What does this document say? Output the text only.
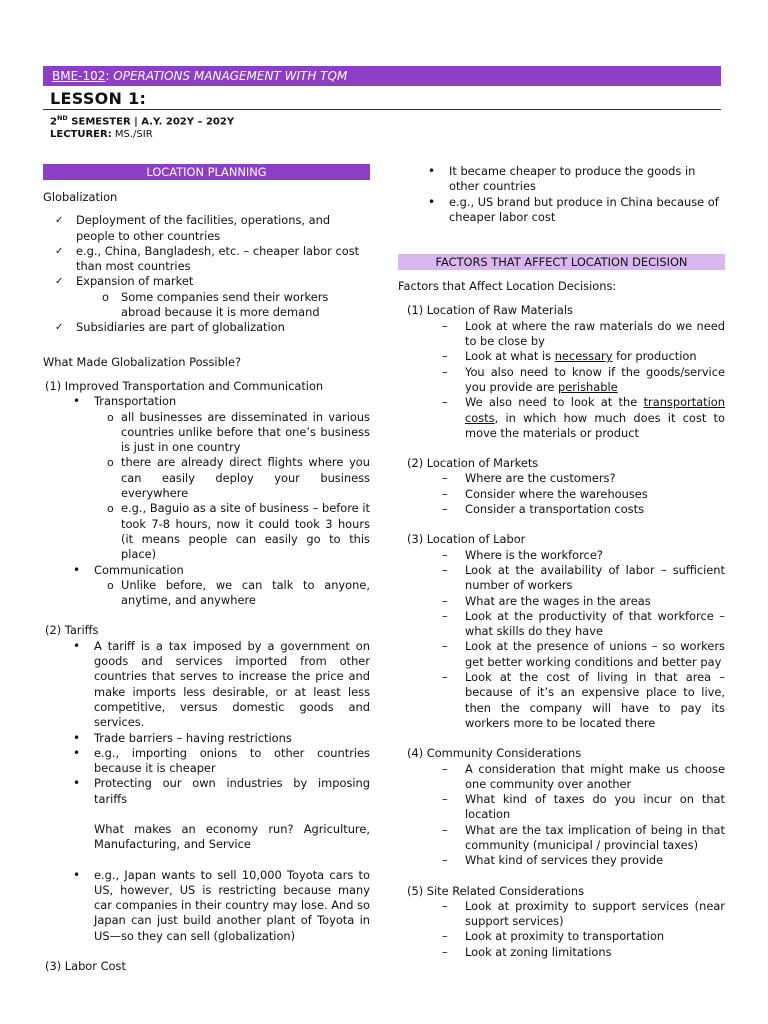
BME-102: OPERATIONS MANAGEMENT WITH TQM
LESSON 1:
2ND SEMESTER | A.Y. 202Y – 202Y
LECTURER: MS./SIR
LOCATION PLANNING
Globalization
✓ Deployment of the facilities, operations, and people to other countries
✓ e.g., China, Bangladesh, etc. – cheaper labor cost than most countries
✓ Expansion of market
o Some companies send their workers abroad because it is more demand
✓ Subsidiaries are part of globalization
What Made Globalization Possible?
(1) Improved Transportation and Communication
• Transportation
o all businesses are disseminated in various countries unlike before that one’s business is just in one country
o there are already direct flights where you can easily deploy your business everywhere
o e.g., Baguio as a site of business – before it took 7-8 hours, now it could took 3 hours (it means people can easily go to this place)
• Communication
o Unlike before, we can talk to anyone, anytime, and anywhere
(2) Tariffs
• A tariff is a tax imposed by a government on goods and services imported from other countries that serves to increase the price and make imports less desirable, or at least less competitive, versus domestic goods and services.
• Trade barriers – having restrictions
• e.g., importing onions to other countries because it is cheaper
• Protecting our own industries by imposing tariffs
What makes an economy run? Agriculture, Manufacturing, and Service
• e.g., Japan wants to sell 10,000 Toyota cars to US, however, US is restricting because many car companies in their country may lose. And so Japan can just build another plant of Toyota in US—so they can sell (globalization)
(3) Labor Cost
• It became cheaper to produce the goods in other countries
• e.g., US brand but produce in China because of cheaper labor cost
FACTORS THAT AFFECT LOCATION DECISION
Factors that Affect Location Decisions:
(1) Location of Raw Materials
– Look at where the raw materials do we need to be close by
– Look at what is necessary for production
– You also need to know if the goods/service you provide are perishable
– We also need to look at the transportation costs, in which how much does it cost to move the materials or product
(2) Location of Markets
– Where are the customers?
– Consider where the warehouses
– Consider a transportation costs
(3) Location of Labor
– Where is the workforce?
– Look at the availability of labor – sufficient number of workers
– What are the wages in the areas
– Look at the productivity of that workforce – what skills do they have
– Look at the presence of unions – so workers get better working conditions and better pay
– Look at the cost of living in that area – because of it’s an expensive place to live, then the company will have to pay its workers more to be located there
(4) Community Considerations
– A consideration that might make us choose one community over another
– What kind of taxes do you incur on that location
– What are the tax implication of being in that community (municipal / provincial taxes)
– What kind of services they provide
(5) Site Related Considerations
– Look at proximity to support services (near support services)
– Look at proximity to transportation
– Look at zoning limitations
